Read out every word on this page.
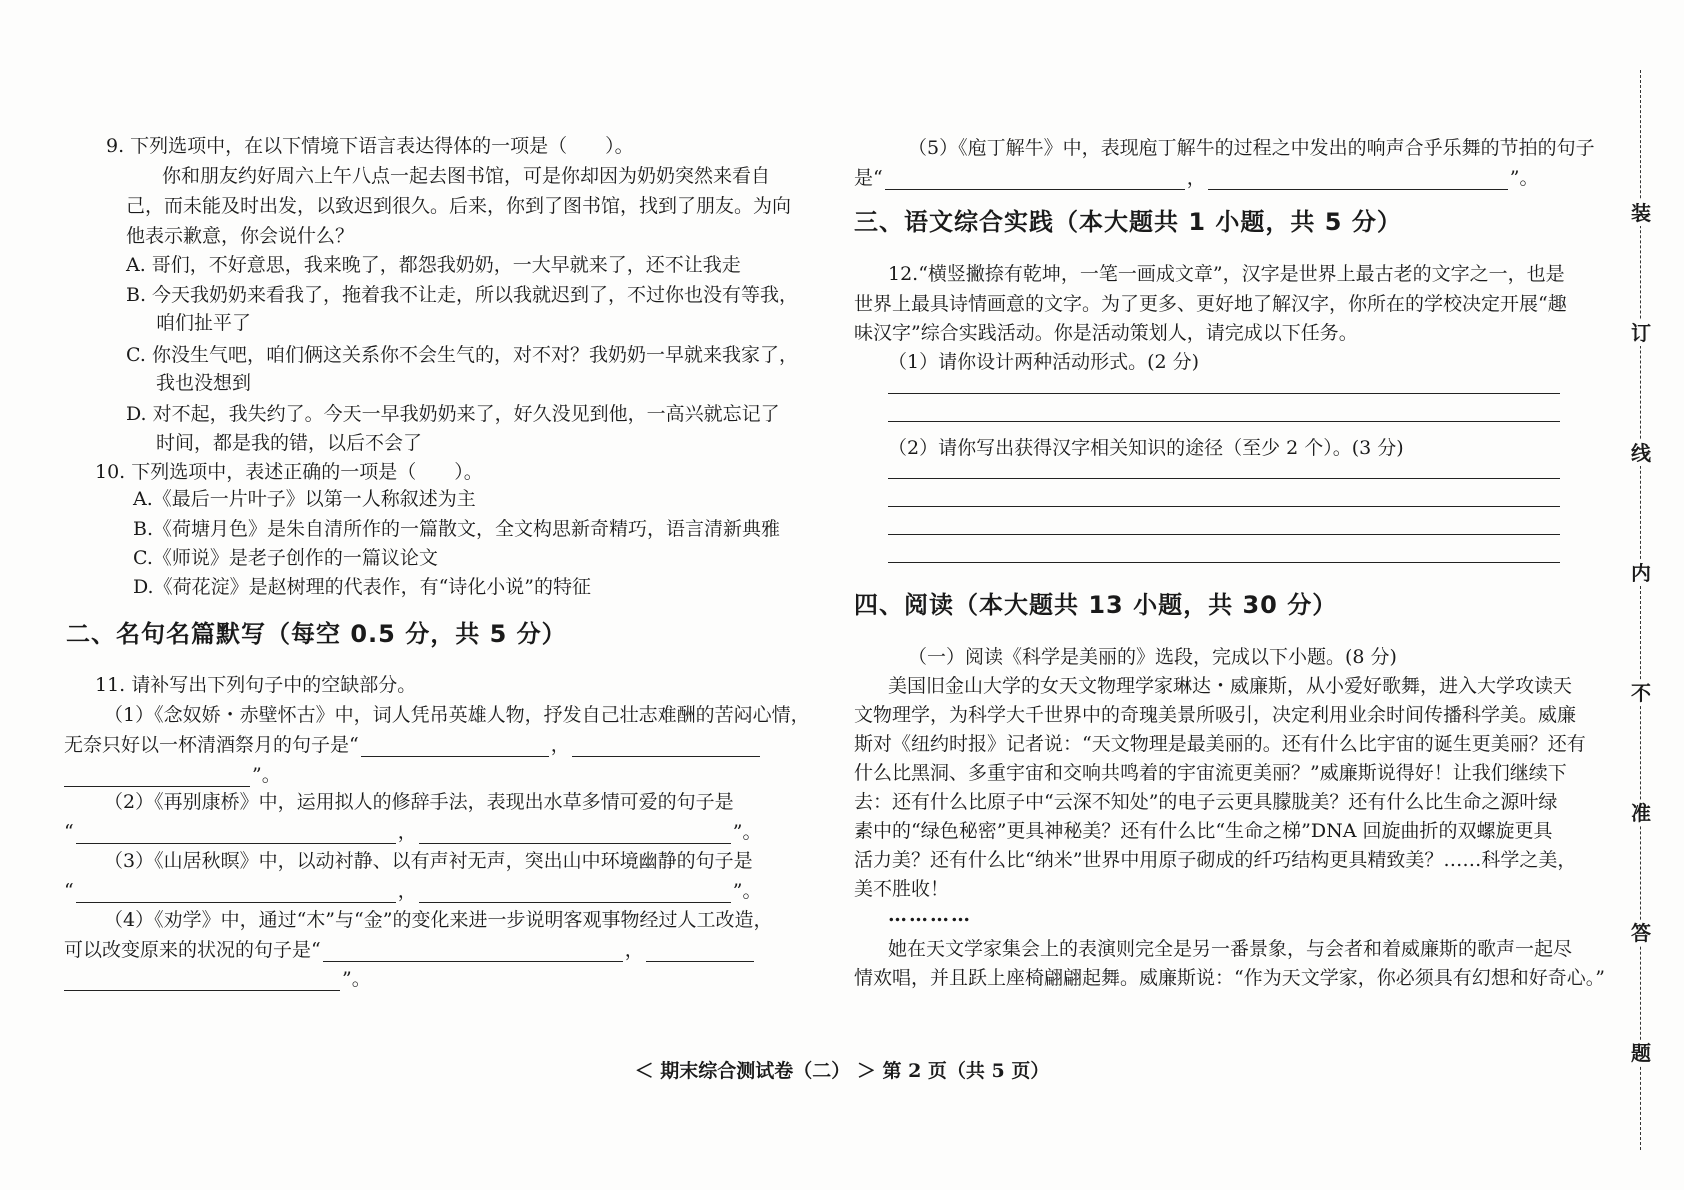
9. 下列选项中，在以下情境下语言表达得体的一项是（　　）。
你和朋友约好周六上午八点一起去图书馆，可是你却因为奶奶突然来看自
己，而未能及时出发，以致迟到很久。后来，你到了图书馆，找到了朋友。为向
他表示歉意，你会说什么？
A. 哥们，不好意思，我来晚了，都怨我奶奶，一大早就来了，还不让我走
B. 今天我奶奶来看我了，拖着我不让走，所以我就迟到了，不过你也没有等我，
咱们扯平了
C. 你没生气吧，咱们俩这关系你不会生气的，对不对？我奶奶一早就来我家了，
我也没想到
D. 对不起，我失约了。今天一早我奶奶来了，好久没见到他，一高兴就忘记了
时间，都是我的错，以后不会了
10. 下列选项中，表述正确的一项是（　　）。
A.《最后一片叶子》以第一人称叙述为主
B.《荷塘月色》是朱自清所作的一篇散文，全文构思新奇精巧，语言清新典雅
C.《师说》是老子创作的一篇议论文
D.《荷花淀》是赵树理的代表作，有“诗化小说”的特征
二、名句名篇默写（每空 0.5 分，共 5 分）
11. 请补写出下列句子中的空缺部分。
（1）《念奴娇・赤壁怀古》中，词人凭吊英雄人物，抒发自己壮志难酬的苦闷心情，
无奈只好以一杯清酒祭月的句子是“	，
”。
（2）《再别康桥》中，运用拟人的修辞手法，表现出水草多情可爱的句子是
“	，	”。
（3）《山居秋暝》中，以动衬静、以有声衬无声，突出山中环境幽静的句子是
“	，	”。
（4）《劝学》中，通过“木”与“金”的变化来进一步说明客观事物经过人工改造，
可以改变原来的状况的句子是“	，
”。
（5）《庖丁解牛》中，表现庖丁解牛的过程之中发出的响声合乎乐舞的节拍的句子
是“	，	”。
三、语文综合实践（本大题共 1 小题，共 5 分）
12.“横竖撇捺有乾坤，一笔一画成文章”，汉字是世界上最古老的文字之一，也是
世界上最具诗情画意的文字。为了更多、更好地了解汉字，你所在的学校决定开展“趣
味汉字”综合实践活动。你是活动策划人，请完成以下任务。
（1）请你设计两种活动形式。(2 分)
（2）请你写出获得汉字相关知识的途径（至少 2 个）。(3 分)
四、阅读（本大题共 13 小题，共 30 分）
（一）阅读《科学是美丽的》选段，完成以下小题。(8 分)
美国旧金山大学的女天文物理学家琳达・威廉斯，从小爱好歌舞，进入大学攻读天
文物理学，为科学大千世界中的奇瑰美景所吸引，决定利用业余时间传播科学美。威廉
斯对《纽约时报》记者说：“天文物理是最美丽的。还有什么比宇宙的诞生更美丽？还有
什么比黑洞、多重宇宙和交响共鸣着的宇宙流更美丽？”威廉斯说得好！让我们继续下
去：还有什么比原子中“云深不知处”的电子云更具朦胧美？还有什么比生命之源叶绿
素中的“绿色秘密”更具神秘美？还有什么比“生命之梯”DNA 回旋曲折的双螺旋更具
活力美？还有什么比“纳米”世界中用原子砌成的纤巧结构更具精致美？……科学之美，
美不胜收！
…………
她在天文学家集会上的表演则完全是另一番景象，与会者和着威廉斯的歌声一起尽
情欢唱，并且跃上座椅翩翩起舞。威廉斯说：“作为天文学家，你必须具有幻想和好奇心。”
＜ 期末综合测试卷（二） ＞ 第 2 页（共 5 页）
装
订
线
内
不
准
答
题
